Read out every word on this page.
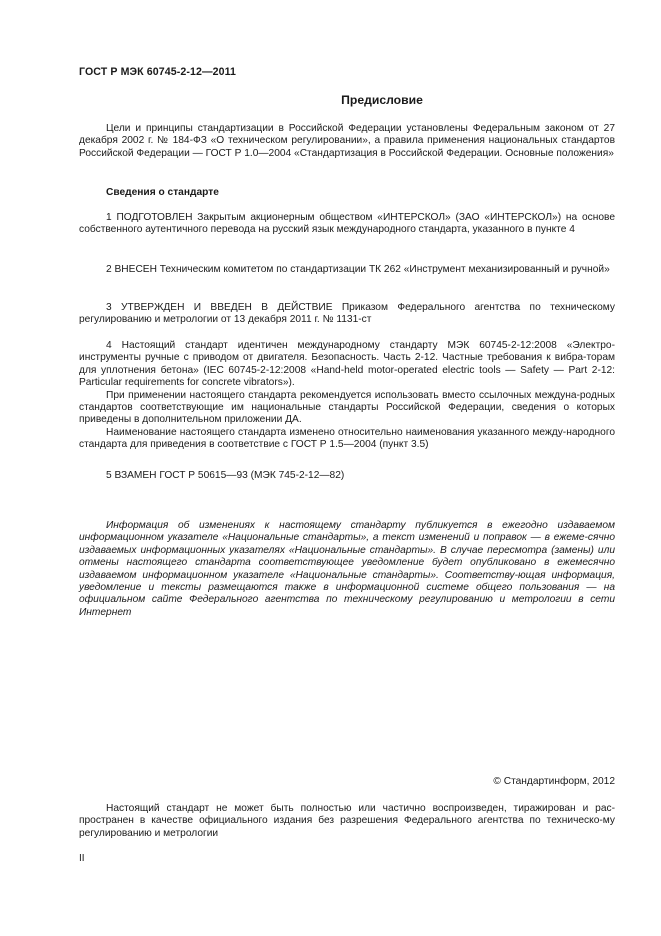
ГОСТ Р МЭК 60745-2-12—2011
Предисловие

Цели и принципы стандартизации в Российской Федерации установлены Федеральным законом от 27 декабря 2002 г. № 184-ФЗ «О техническом регулировании», а правила применения национальных стандартов Российской Федерации — ГОСТ Р 1.0—2004 «Стандартизация в Российской Федерации. Основные положения»

Сведения о стандарте

1 ПОДГОТОВЛЕН Закрытым акционерным обществом «ИНТЕРСКОЛ» (ЗАО «ИНТЕРСКОЛ») на основе собственного аутентичного перевода на русский язык международного стандарта, указанного в пункте 4

2 ВНЕСЕН Техническим комитетом по стандартизации ТК 262 «Инструмент механизированный и ручной»

3 УТВЕРЖДЕН И ВВЕДЕН В ДЕЙСТВИЕ Приказом Федерального агентства по техническому регулированию и метрологии от 13 декабря 2011 г. № 1131-ст

4 Настоящий стандарт идентичен международному стандарту МЭК 60745-2-12:2008 «Электро-инструменты ручные с приводом от двигателя. Безопасность. Часть 2-12. Частные требования к вибра-торам для уплотнения бетона» (IEC 60745-2-12:2008 «Hand-held motor-operated electric tools — Safety — Part 2-12: Particular requirements for concrete vibrators»).

При применении настоящего стандарта рекомендуется использовать вместо ссылочных междуна-родных стандартов соответствующие им национальные стандарты Российской Федерации, сведения о которых приведены в дополнительном приложении ДА.

Наименование настоящего стандарта изменено относительно наименования указанного между-народного стандарта для приведения в соответствие с ГОСТ Р 1.5—2004 (пункт 3.5)

5 ВЗАМЕН ГОСТ Р 50615—93 (МЭК 745-2-12—82)

Информация об изменениях к настоящему стандарту публикуется в ежегодно издаваемом информационном указателе «Национальные стандарты», а текст изменений и поправок — в ежеме-сячно издаваемых информационных указателях «Национальные стандарты». В случае пересмотра (замены) или отмены настоящего стандарта соответствующее уведомление будет опубликовано в ежемесячно издаваемом информационном указателе «Национальные стандарты». Соответству-ющая информация, уведомление и тексты размещаются также в информационной системе общего пользования — на официальном сайте Федерального агентства по техническому регулированию и метрологии в сети Интернет

© Стандартинформ, 2012

Настоящий стандарт не может быть полностью или частично воспроизведен, тиражирован и рас-пространен в качестве официального издания без разрешения Федерального агентства по техническо-му регулированию и метрологии

II
